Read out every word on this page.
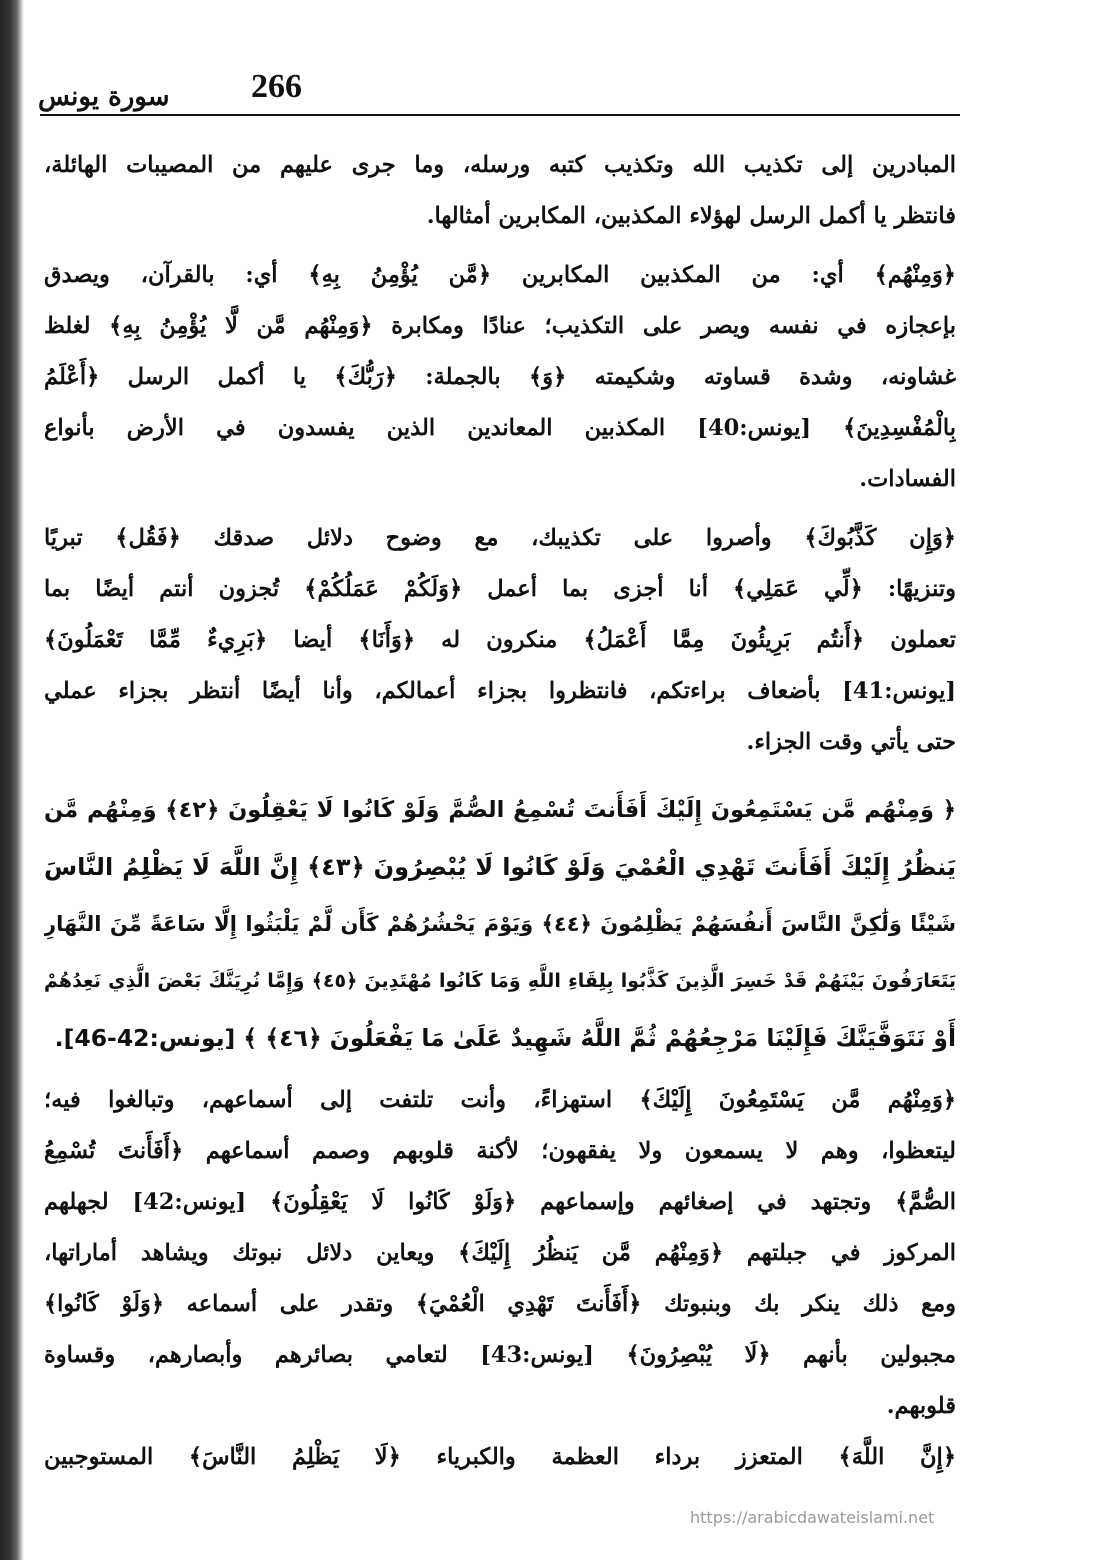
266
سورة يونس
المبادرين إلى تكذيب الله وتكذيب كتبه ورسله، وما جرى عليهم من المصيبات الهائلة،
فانتظر يا أكمل الرسل لهؤلاء المكذبين، المكابرين أمثالها.
﴿وَمِنْهُم﴾ أي: من المكذبين المكابرين ﴿مَّن يُؤْمِنُ بِهِ﴾ أي: بالقرآن، ويصدق
بإعجازه في نفسه ويصر على التكذيب؛ عنادًا ومكابرة ﴿وَمِنْهُم مَّن لَّا يُؤْمِنُ بِهِ﴾ لغلظ
غشاونه، وشدة قساوته وشكيمته ﴿وَ﴾ بالجملة: ﴿رَبُّكَ﴾ يا أكمل الرسل ﴿أَعْلَمُ
بِالْمُفْسِدِينَ﴾ [يونس:40] المكذبين المعاندين الذين يفسدون في الأرض بأنواع
الفسادات.
﴿وَإِن كَذَّبُوكَ﴾ وأصروا على تكذيبك، مع وضوح دلائل صدقك ﴿فَقُل﴾ تبريًا
وتنزيهًا: ﴿لِّي عَمَلِي﴾ أنا أجزى بما أعمل ﴿وَلَكُمْ عَمَلُكُمْ﴾ تُجزون أنتم أيضًا بما
تعملون ﴿أَنتُم بَرِيئُونَ مِمَّا أَعْمَلُ﴾ منكرون له ﴿وَأَنَا﴾ أيضا ﴿بَرِيءٌ مِّمَّا تَعْمَلُونَ﴾
[يونس:41] بأضعاف براءتكم، فانتظروا بجزاء أعمالكم، وأنا أيضًا أنتظر بجزاء عملي
حتى يأتي وقت الجزاء.
﴿ وَمِنْهُم مَّن يَسْتَمِعُونَ إِلَيْكَ أَفَأَنتَ تُسْمِعُ الصُّمَّ وَلَوْ كَانُوا لَا يَعْقِلُونَ ﴿٤٢﴾ وَمِنْهُم مَّن
يَنظُرُ إِلَيْكَ أَفَأَنتَ تَهْدِي الْعُمْيَ وَلَوْ كَانُوا لَا يُبْصِرُونَ ﴿٤٣﴾ إِنَّ اللَّهَ لَا يَظْلِمُ النَّاسَ
شَيْئًا وَلَٰكِنَّ النَّاسَ أَنفُسَهُمْ يَظْلِمُونَ ﴿٤٤﴾ وَيَوْمَ يَحْشُرُهُمْ كَأَن لَّمْ يَلْبَثُوا إِلَّا سَاعَةً مِّنَ النَّهَارِ
يَتَعَارَفُونَ بَيْنَهُمْ قَدْ خَسِرَ الَّذِينَ كَذَّبُوا بِلِقَاءِ اللَّهِ وَمَا كَانُوا مُهْتَدِينَ ﴿٤٥﴾ وَإِمَّا نُرِيَنَّكَ بَعْضَ الَّذِي نَعِدُهُمْ
أَوْ نَتَوَفَّيَنَّكَ فَإِلَيْنَا مَرْجِعُهُمْ ثُمَّ اللَّهُ شَهِيدٌ عَلَىٰ مَا يَفْعَلُونَ ﴿٤٦﴾ ﴾ [يونس:42-46].
﴿وَمِنْهُم مَّن يَسْتَمِعُونَ إِلَيْكَ﴾ استهزاءً، وأنت تلتفت إلى أسماعهم، وتبالغوا فيه؛
ليتعظوا، وهم لا يسمعون ولا يفقهون؛ لأكنة قلوبهم وصمم أسماعهم ﴿أَفَأَنتَ تُسْمِعُ
الصُّمَّ﴾ وتجتهد في إصغائهم وإسماعهم ﴿وَلَوْ كَانُوا لَا يَعْقِلُونَ﴾ [يونس:42] لجهلهم
المركوز في جبلتهم ﴿وَمِنْهُم مَّن يَنظُرُ إِلَيْكَ﴾ ويعاين دلائل نبوتك ويشاهد أماراتها،
ومع ذلك ينكر بك وبنبوتك ﴿أَفَأَنتَ تَهْدِي الْعُمْيَ﴾ وتقدر على أسماعه ﴿وَلَوْ كَانُوا﴾
مجبولين بأنهم ﴿لَا يُبْصِرُونَ﴾ [يونس:43] لتعامي بصائرهم وأبصارهم، وقساوة
قلوبهم.
﴿إِنَّ اللَّهَ﴾ المتعزز برداء العظمة والكبرياء ﴿لَا يَظْلِمُ النَّاسَ﴾ المستوجبين
https://arabicdawateislami.net
